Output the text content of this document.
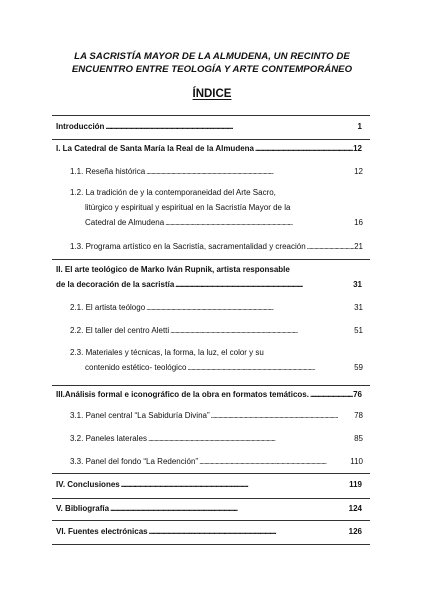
LA SACRISTÍA MAYOR DE LA ALMUDENA, UN RECINTO DE
ENCUENTRO ENTRE TEOLOGÍA Y ARTE CONTEMPORÁNEO
ÍNDICE
Introducción . . .	1
I. La Catedral de Santa María la Real de la Almudena . . .	12
1.1. Reseña histórica . . .	12
1.2. La tradición de y la contemporaneidad del Arte Sacro,
litúrgico y espiritual y espiritual en la Sacristía Mayor de la
Catedral de Almudena . . .	16
1.3. Programa artístico en la Sacristía, sacramentalidad y creación . . .	21
II. El arte teológico de Marko Iván Rupnik, artista responsable
de la decoración de la sacristía . . .	31
2.1. El artista teólogo . . .	31
2.2. El taller del centro Aletti . . .	51
2.3. Materiales y técnicas, la forma, la luz, el color y su
contenido estético- teológico . . .	59
III.Análisis formal e iconográfico de la obra en formatos temáticos. . . .	76
3.1. Panel central “La Sabiduría Divina” . . .	78
3.2. Paneles laterales . . .	85
3.3. Panel del fondo “La Redención” . . .	110
IV. Conclusiones . . .	119
V. Bibliografía . . .	124
VI. Fuentes electrónicas . . .	126
